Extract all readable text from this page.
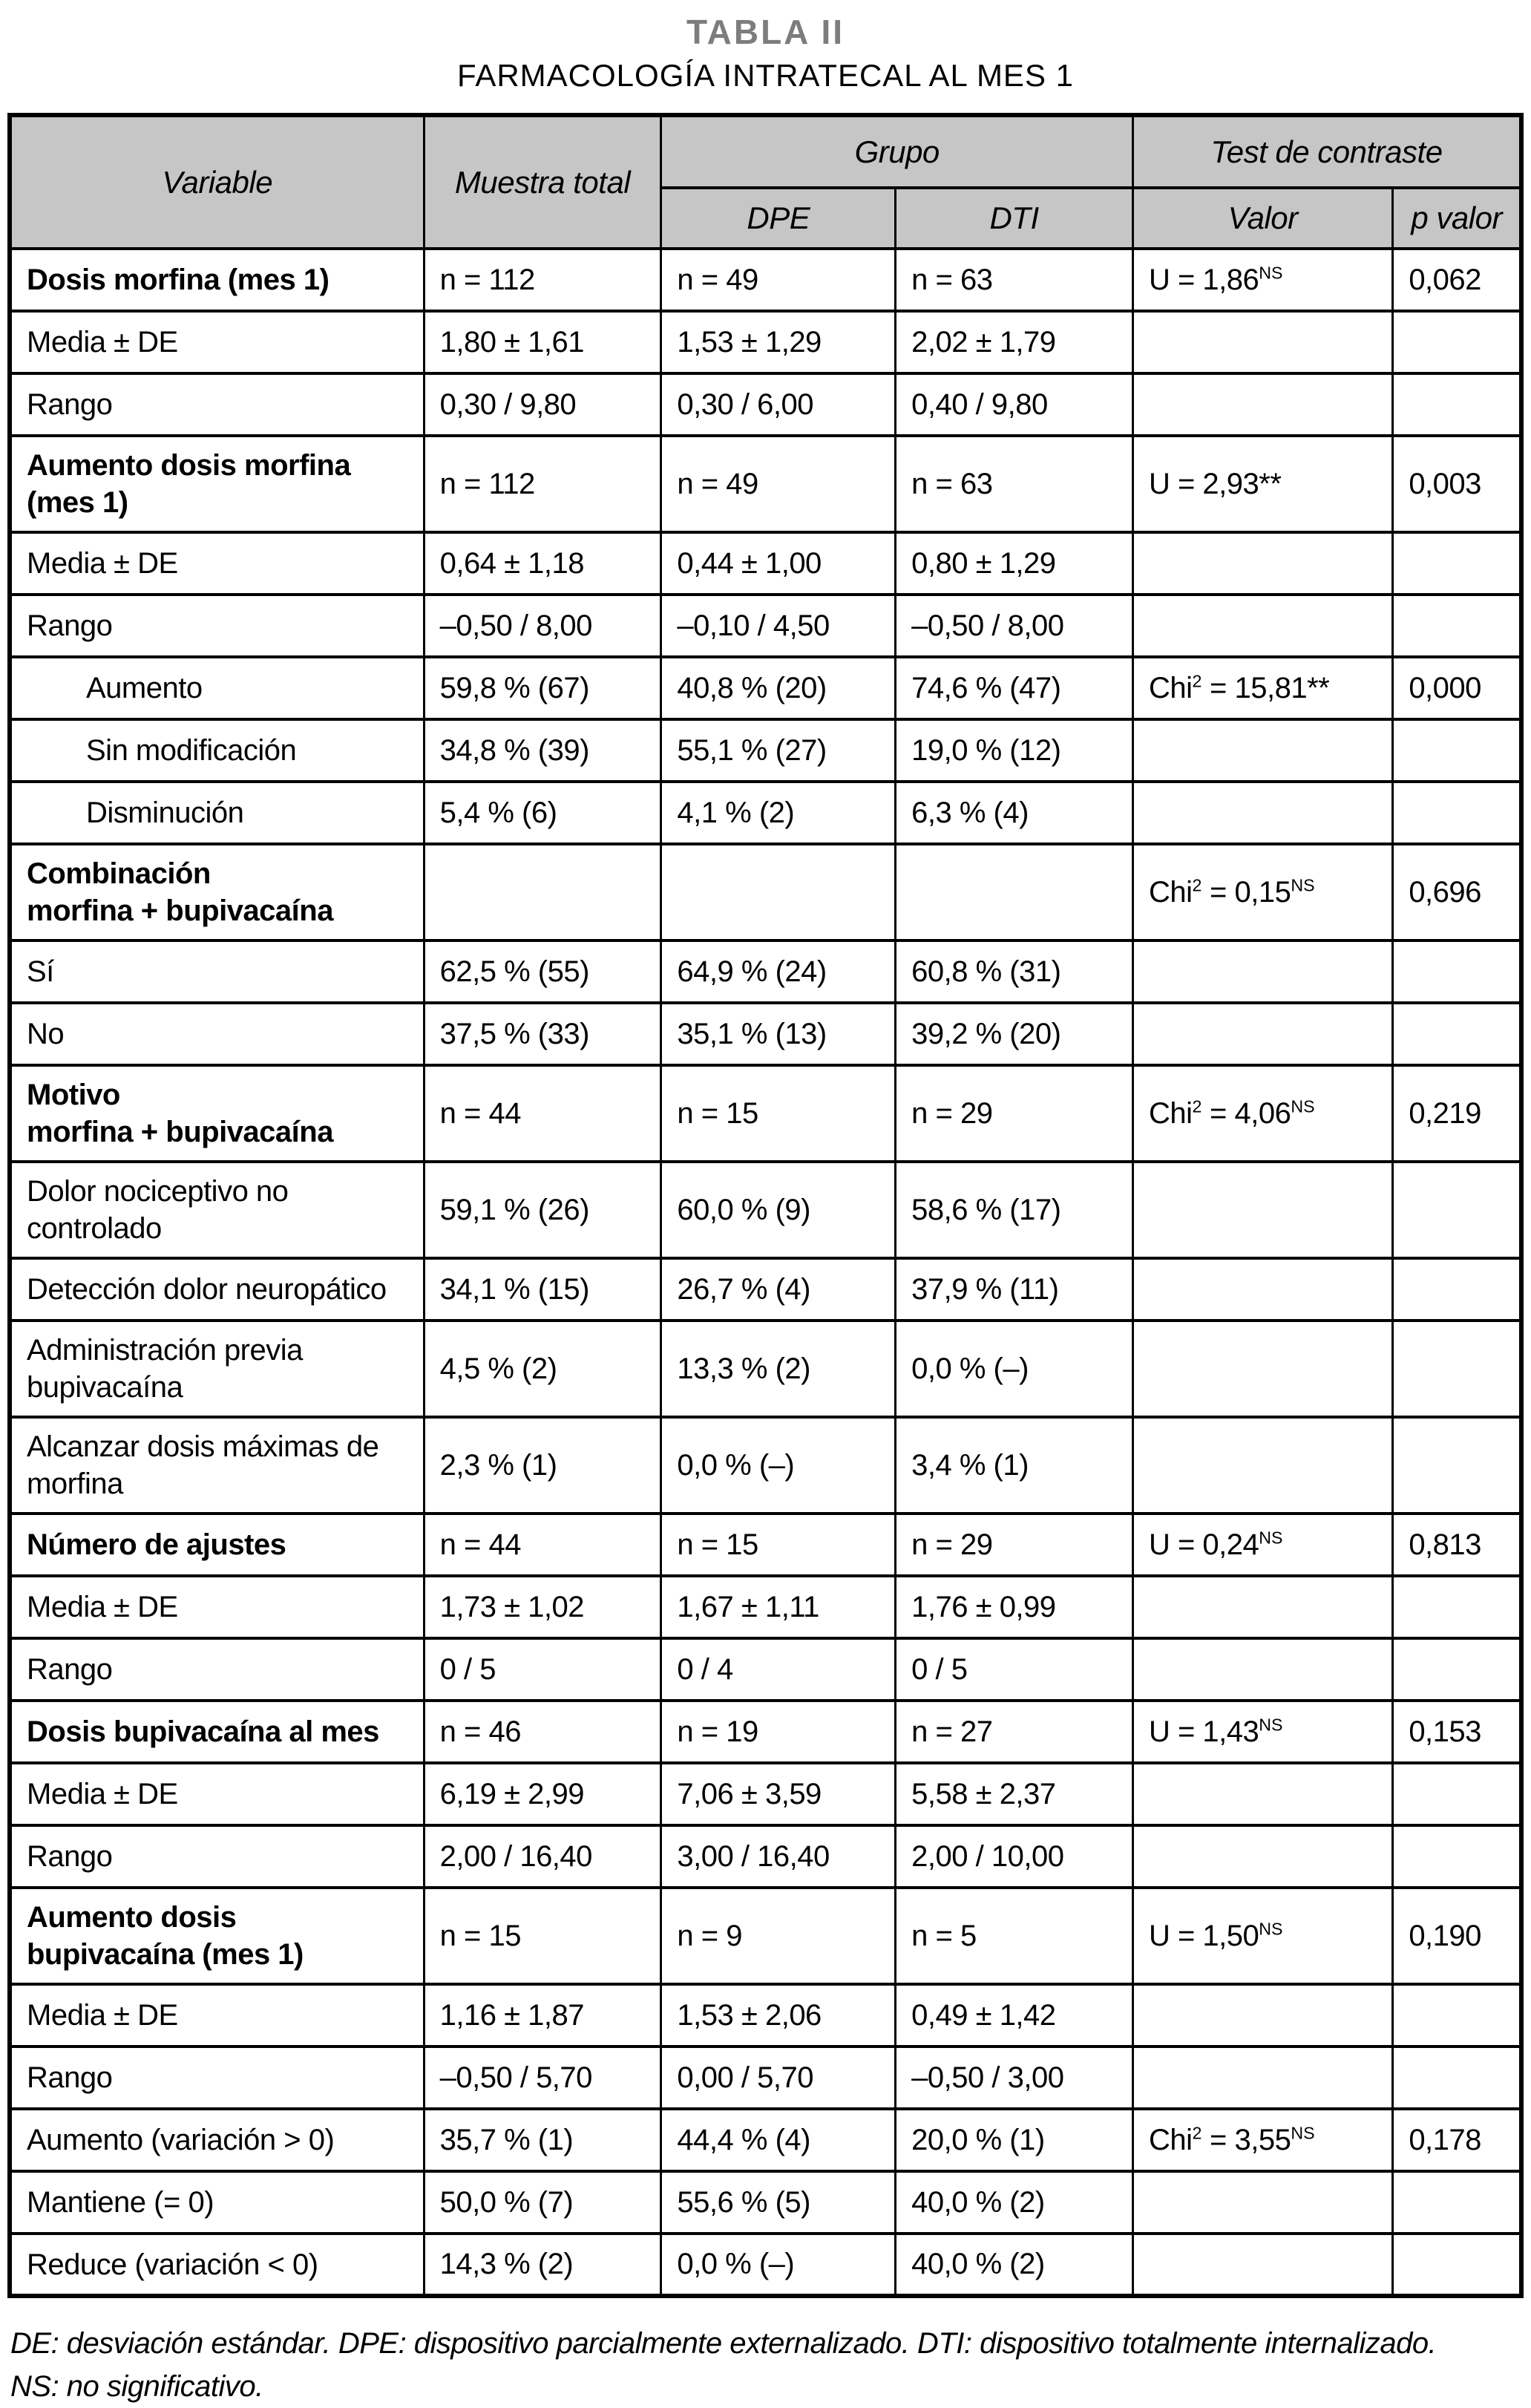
TABLA II
FARMACOLOGÍA INTRATECAL AL MES 1
Variable	Muestra total	Grupo		Test de contraste	
		DPE	DTI	Valor	p valor
Dosis morfina (mes 1)	n = 112	n = 49	n = 63	$U = 1,86^{NS}$	0,062
Media ± DE	1,80 ± 1,61	1,53 ± 1,29	2,02 ± 1,79		
Rango	0,30 / 9,80	0,30 / 6,00	0,40 / 9,80		
Aumento dosis morfina
(mes 1)	n = 112	n = 49	n = 63	U = 2,93**	0,003
Media ± DE	0,64 ± 1,18	0,44 ± 1,00	0,80 ± 1,29		
Rango	–0,50 / 8,00	–0,10 / 4,50	–0,50 / 8,00		
Aumento	59,8 % (67)	40,8 % (20)	74,6 % (47)	Chi$^2$ = 15,81**	0,000
Sin modificación	34,8 % (39)	55,1 % (27)	19,0 % (12)		
Disminución	5,4 % (6)	4,1 % (2)	6,3 % (4)		
Combinación
morfina + bupivacaína				$Chi^2 = 0,15^{NS}$	0,696
Sí	62,5 % (55)	64,9 % (24)	60,8 % (31)		
No	37,5 % (33)	35,1 % (13)	39,2 % (20)		
Motivo
morfina + bupivacaína	n = 44	n = 15	n = 29	$Chi^2 = 4,06^{NS}$	0,219
Dolor nociceptivo no
controlado	59,1 % (26)	60,0 % (9)	58,6 % (17)		
Detección dolor neuropático	34,1 % (15)	26,7 % (4)	37,9 % (11)		
Administración previa
bupivacaína	4,5 % (2)	13,3 % (2)	0,0 % (–)		
Alcanzar dosis máximas de
morfina	2,3 % (1)	0,0 % (–)	3,4 % (1)		
Número de ajustes	n = 44	n = 15	n = 29	$U = 0,24^{NS}$	0,813
Media ± DE	1,73 ± 1,02	1,67 ± 1,11	1,76 ± 0,99		
Rango	0 / 5	0 / 4	0 / 5		
Dosis bupivacaína al mes	n = 46	n = 19	n = 27	$U = 1,43^{NS}$	0,153
Media ± DE	6,19 ± 2,99	7,06 ± 3,59	5,58 ± 2,37		
Rango	2,00 / 16,40	3,00 / 16,40	2,00 / 10,00		
Aumento dosis
bupivacaína (mes 1)	n = 15	n = 9	n = 5	$U = 1,50^{NS}$	0,190
Media ± DE	1,16 ± 1,87	1,53 ± 2,06	0,49 ± 1,42		
Rango	–0,50 / 5,70	0,00 / 5,70	–0,50 / 3,00		
Aumento (variación > 0)	35,7 % (1)	44,4 % (4)	20,0 % (1)	$Chi^2 = 3,55^{NS}$	0,178
Mantiene (= 0)	50,0 % (7)	55,6 % (5)	40,0 % (2)		
Reduce (variación < 0)	14,3 % (2)	0,0 % (–)	40,0 % (2)		
DE: desviación estándar. DPE: dispositivo parcialmente externalizado. DTI: dispositivo totalmente internalizado.
NS: no significativo.
